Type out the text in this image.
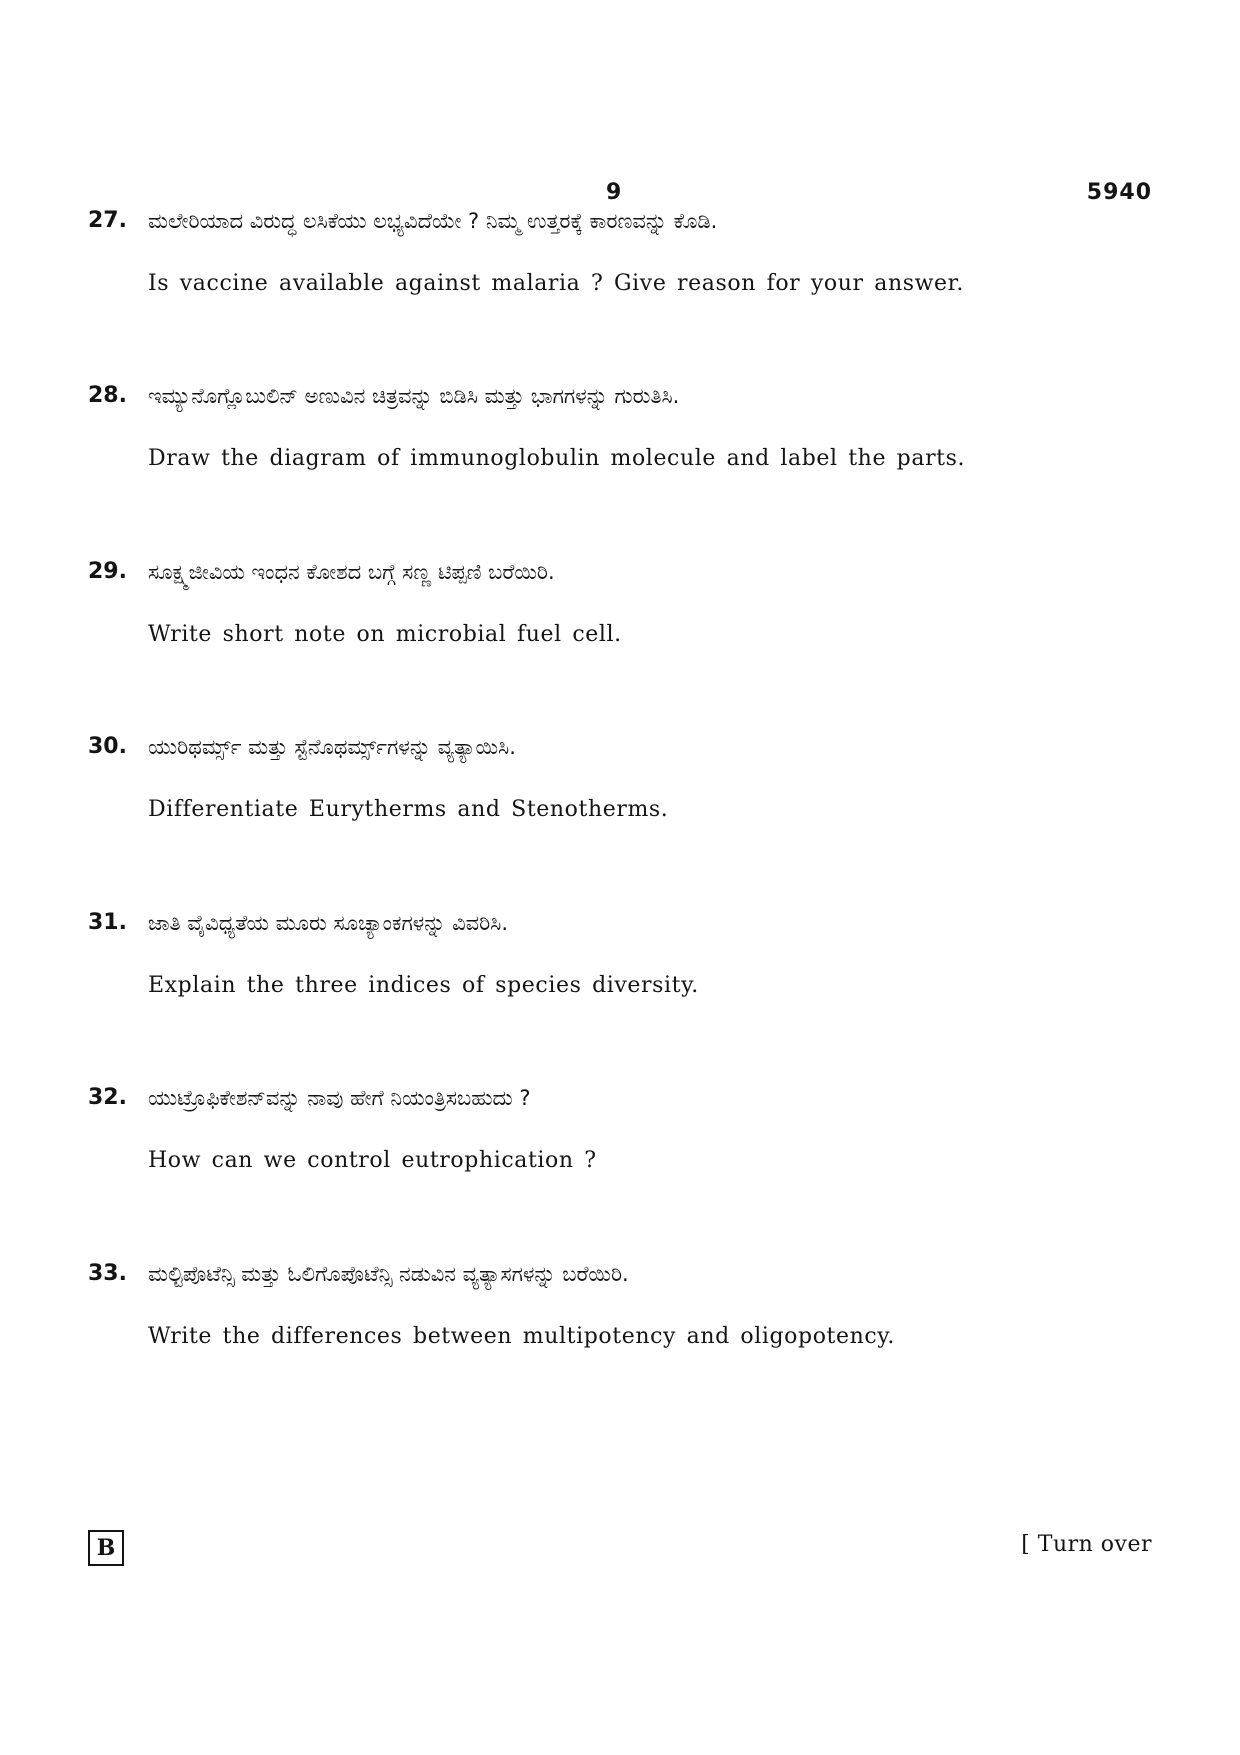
9	5940
27. ಮಲೇರಿಯಾದ ವಿರುದ್ಧ ಲಸಿಕೆಯು ಲಭ್ಯವಿದೆಯೇ ? ನಿಮ್ಮ ಉತ್ತರಕ್ಕೆ ಕಾರಣವನ್ನು ಕೊಡಿ.
Is vaccine available against malaria ? Give reason for your answer.
28. ಇಮ್ಯುನೊಗ್ಲೊಬುಲಿನ್ ಅಣುವಿನ ಚಿತ್ರವನ್ನು ಬಿಡಿಸಿ ಮತ್ತು ಭಾಗಗಳನ್ನು ಗುರುತಿಸಿ.
Draw the diagram of immunoglobulin molecule and label the parts.
29. ಸೂಕ್ಷ್ಮಜೀವಿಯ ಇಂಧನ ಕೋಶದ ಬಗ್ಗೆ ಸಣ್ಣ ಟಿಪ್ಪಣಿ ಬರೆಯಿರಿ.
Write short note on microbial fuel cell.
30. ಯುರಿಥರ್ಮ್ಸ್ ಮತ್ತು ಸ್ಟೆನೊಥರ್ಮ್ಸ್‌ಗಳನ್ನು ವ್ಯತ್ಯಾಯಿಸಿ.
Differentiate Eurytherms and Stenotherms.
31. ಜಾತಿ ವೈವಿಧ್ಯತೆಯ ಮೂರು ಸೂಚ್ಯಾಂಕಗಳನ್ನು ವಿವರಿಸಿ.
Explain the three indices of species diversity.
32. ಯುಟ್ರೊಫಿಕೇಶನ್‌ವನ್ನು ನಾವು ಹೇಗೆ ನಿಯಂತ್ರಿಸಬಹುದು ?
How can we control eutrophication ?
33. ಮಲ್ಟಿಪೊಟೆನ್ಸಿ ಮತ್ತು ಓಲಿಗೊಪೊಟೆನ್ಸಿ ನಡುವಿನ ವ್ಯತ್ಯಾಸಗಳನ್ನು ಬರೆಯಿರಿ.
Write the differences between multipotency and oligopotency.
B	[ Turn over
